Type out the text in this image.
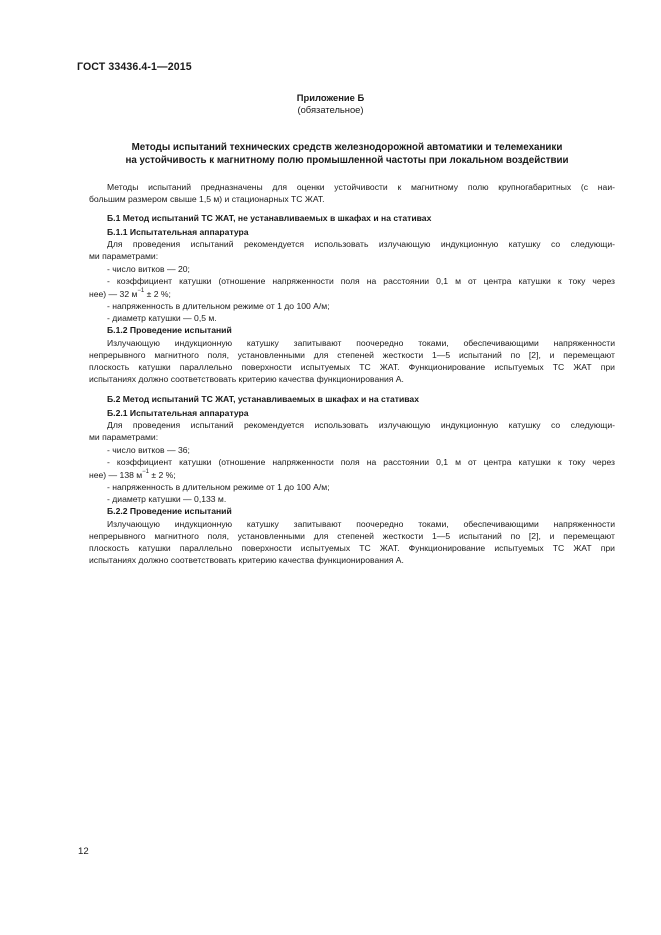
ГОСТ 33436.4-1—2015
Приложение Б
(обязательное)
Методы испытаний технических средств железнодорожной автоматики и телемеханики
на устойчивость к магнитному полю промышленной частоты при локальном воздействии
Методы испытаний предназначены для оценки устойчивости к магнитному полю крупногабаритных (с наи-
большим размером свыше 1,5 м) и стационарных ТС ЖАТ.
Б.1 Метод испытаний ТС ЖАТ, не устанавливаемых в шкафах и на стативах
Б.1.1 Испытательная аппаратура
Для проведения испытаний рекомендуется использовать излучающую индукционную катушку со следующи-
ми параметрами:
- число витков — 20;
- коэффициент катушки (отношение напряженности поля на расстоянии 0,1 м от центра катушки к току через
нее) — 32 $м^{-1} \pm 2$ %;
- напряженность в длительном режиме от 1 до 100 А/м;
- диаметр катушки — 0,5 м.
Б.1.2 Проведение испытаний
Излучающую индукционную катушку запитывают поочередно токами, обеспечивающими напряженности
непрерывного магнитного поля, установленными для степеней жесткости 1—5 испытаний по [2], и перемещают
плоскость катушки параллельно поверхности испытуемых ТС ЖАТ. Функционирование испытуемых ТС ЖАТ при
испытаниях должно соответствовать критерию качества функционирования А.
Б.2 Метод испытаний ТС ЖАТ, устанавливаемых в шкафах и на стативах
Б.2.1 Испытательная аппаратура
Для проведения испытаний рекомендуется использовать излучающую индукционную катушку со следующи-
ми параметрами:
- число витков — 36;
- коэффициент катушки (отношение напряженности поля на расстоянии 0,1 м от центра катушки к току через
нее) — 138 $м^{-1} \pm 2$ %;
- напряженность в длительном режиме от 1 до 100 А/м;
- диаметр катушки — 0,133 м.
Б.2.2 Проведение испытаний
Излучающую индукционную катушку запитывают поочередно токами, обеспечивающими напряженности
непрерывного магнитного поля, установленными для степеней жесткости 1—5 испытаний по [2], и перемещают
плоскость катушки параллельно поверхности испытуемых ТС ЖАТ. Функционирование испытуемых ТС ЖАТ при
испытаниях должно соответствовать критерию качества функционирования А.
12
